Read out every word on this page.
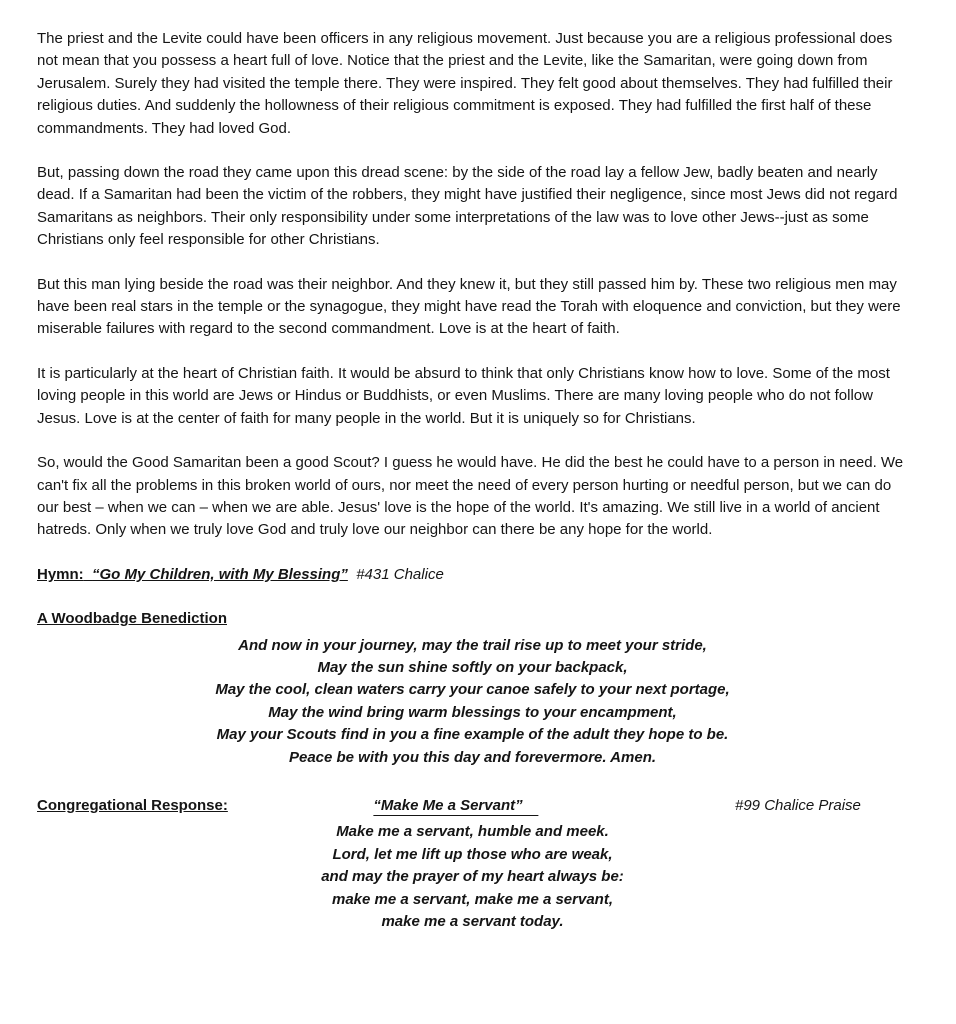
The priest and the Levite could have been officers in any religious movement. Just because you are a religious professional does not mean that you possess a heart full of love. Notice that the priest and the Levite, like the Samaritan, were going down from Jerusalem. Surely they had visited the temple there. They were inspired. They felt good about themselves. They had fulfilled their religious duties. And suddenly the hollowness of their religious commitment is exposed. They had fulfilled the first half of these commandments. They had loved God.

But, passing down the road they came upon this dread scene: by the side of the road lay a fellow Jew, badly beaten and nearly dead. If a Samaritan had been the victim of the robbers, they might have justified their negligence, since most Jews did not regard Samaritans as neighbors. Their only responsibility under some interpretations of the law was to love other Jews--just as some Christians only feel responsible for other Christians.

But this man lying beside the road was their neighbor. And they knew it, but they still passed him by. These two religious men may have been real stars in the temple or the synagogue, they might have read the Torah with eloquence and conviction, but they were miserable failures with regard to the second commandment. Love is at the heart of faith.

It is particularly at the heart of Christian faith. It would be absurd to think that only Christians know how to love. Some of the most loving people in this world are Jews or Hindus or Buddhists, or even Muslims. There are many loving people who do not follow Jesus. Love is at the center of faith for many people in the world. But it is uniquely so for Christians.

So, would the Good Samaritan been a good Scout? I guess he would have. He did the best he could have to a person in need. We can't fix all the problems in this broken world of ours, nor meet the need of every person hurting or needful person, but we can do our best – when we can – when we are able. Jesus' love is the hope of the world. It's amazing. We still live in a world of ancient hatreds. Only when we truly love God and truly love our neighbor can there be any hope for the world.

Hymn: “Go My Children, with My Blessing” #431 Chalice

A Woodbadge Benediction
And now in your journey, may the trail rise up to meet your stride,
May the sun shine softly on your backpack,
May the cool, clean waters carry your canoe safely to your next portage,
May the wind bring warm blessings to your encampment,
May your Scouts find in you a fine example of the adult they hope to be.
Peace be with you this day and forevermore. Amen.
Congregational Response:	“Make Me a Servant”	#99 Chalice Praise
Make me a servant, humble and meek.
Lord, let me lift up those who are weak,
and may the prayer of my heart always be:
make me a servant, make me a servant,
make me a servant today.
